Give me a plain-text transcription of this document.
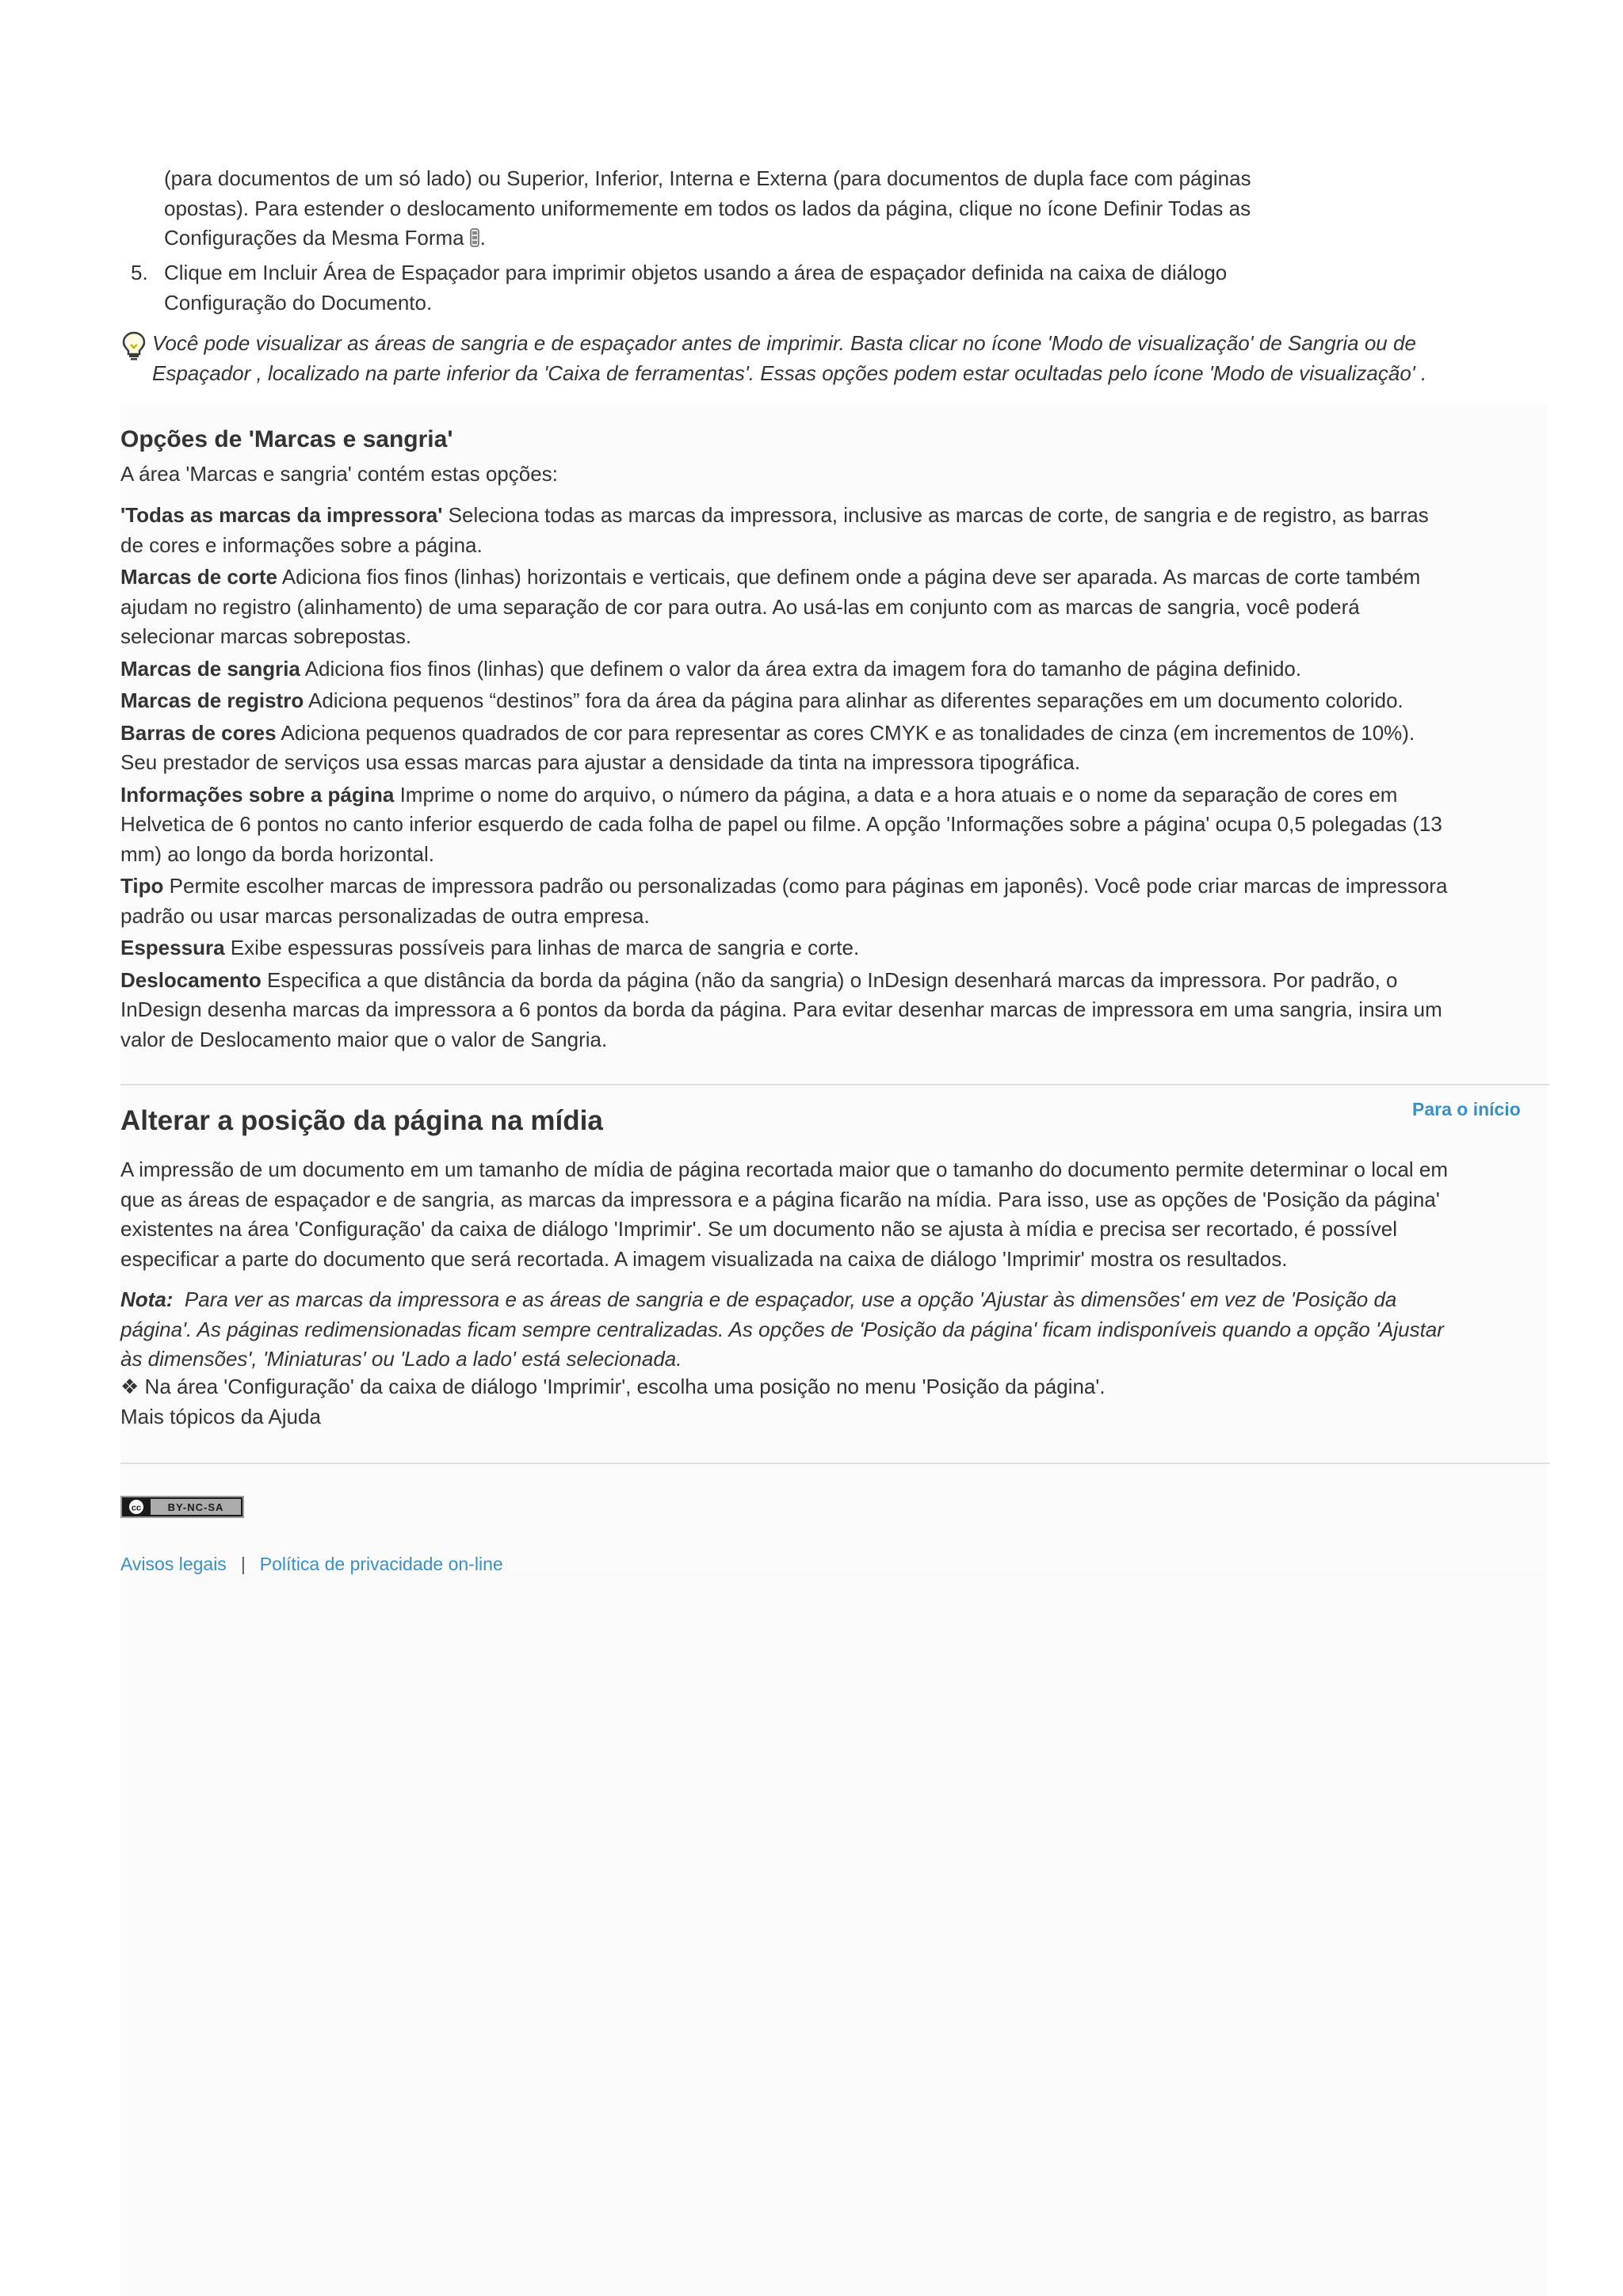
(para documentos de um só lado) ou Superior, Inferior, Interna e Externa (para documentos de dupla face com páginas

opostas). Para estender o deslocamento uniformemente em todos os lados da página, clique no ícone Definir Todas as

Configurações da Mesma Forma .

5. Clique em Incluir Área de Espaçador para imprimir objetos usando a área de espaçador definida na caixa de diálogo

Configuração do Documento.

Você pode visualizar as áreas de sangria e de espaçador antes de imprimir. Basta clicar no ícone 'Modo de visualização' de Sangria ou de

Espaçador , localizado na parte inferior da 'Caixa de ferramentas'. Essas opções podem estar ocultadas pelo ícone 'Modo de visualização' .

Opções de 'Marcas e sangria'

A área 'Marcas e sangria' contém estas opções:

'Todas as marcas da impressora' Seleciona todas as marcas da impressora, inclusive as marcas de corte, de sangria e de registro, as barras

de cores e informações sobre a página.

Marcas de corte Adiciona fios finos (linhas) horizontais e verticais, que definem onde a página deve ser aparada. As marcas de corte também

ajudam no registro (alinhamento) de uma separação de cor para outra. Ao usá-las em conjunto com as marcas de sangria, você poderá

selecionar marcas sobrepostas.

Marcas de sangria Adiciona fios finos (linhas) que definem o valor da área extra da imagem fora do tamanho de página definido.

Marcas de registro Adiciona pequenos “destinos” fora da área da página para alinhar as diferentes separações em um documento colorido.

Barras de cores Adiciona pequenos quadrados de cor para representar as cores CMYK e as tonalidades de cinza (em incrementos de 10%).

Seu prestador de serviços usa essas marcas para ajustar a densidade da tinta na impressora tipográfica.

Informações sobre a página Imprime o nome do arquivo, o número da página, a data e a hora atuais e o nome da separação de cores em

Helvetica de 6 pontos no canto inferior esquerdo de cada folha de papel ou filme. A opção 'Informações sobre a página' ocupa 0,5 polegadas (13

mm) ao longo da borda horizontal.

Tipo Permite escolher marcas de impressora padrão ou personalizadas (como para páginas em japonês). Você pode criar marcas de impressora

padrão ou usar marcas personalizadas de outra empresa.

Espessura Exibe espessuras possíveis para linhas de marca de sangria e corte.

Deslocamento Especifica a que distância da borda da página (não da sangria) o InDesign desenhará marcas da impressora. Por padrão, o

InDesign desenha marcas da impressora a 6 pontos da borda da página. Para evitar desenhar marcas de impressora em uma sangria, insira um

valor de Deslocamento maior que o valor de Sangria.

Para o início
Alterar a posição da página na mídia

A impressão de um documento em um tamanho de mídia de página recortada maior que o tamanho do documento permite determinar o local em

que as áreas de espaçador e de sangria, as marcas da impressora e a página ficarão na mídia. Para isso, use as opções de 'Posição da página'

existentes na área 'Configuração' da caixa de diálogo 'Imprimir'. Se um documento não se ajusta à mídia e precisa ser recortado, é possível

especificar a parte do documento que será recortada. A imagem visualizada na caixa de diálogo 'Imprimir' mostra os resultados.

Nota: Para ver as marcas da impressora e as áreas de sangria e de espaçador, use a opção 'Ajustar às dimensões' em vez de 'Posição da

página'. As páginas redimensionadas ficam sempre centralizadas. As opções de 'Posição da página' ficam indisponíveis quando a opção 'Ajustar

às dimensões', 'Miniaturas' ou 'Lado a lado' está selecionada.

❖ Na área 'Configuração' da caixa de diálogo 'Imprimir', escolha uma posição no menu 'Posição da página'.

Mais tópicos da Ajuda

cc	BY-NC-SA
Avisos legais | Política de privacidade on-line
